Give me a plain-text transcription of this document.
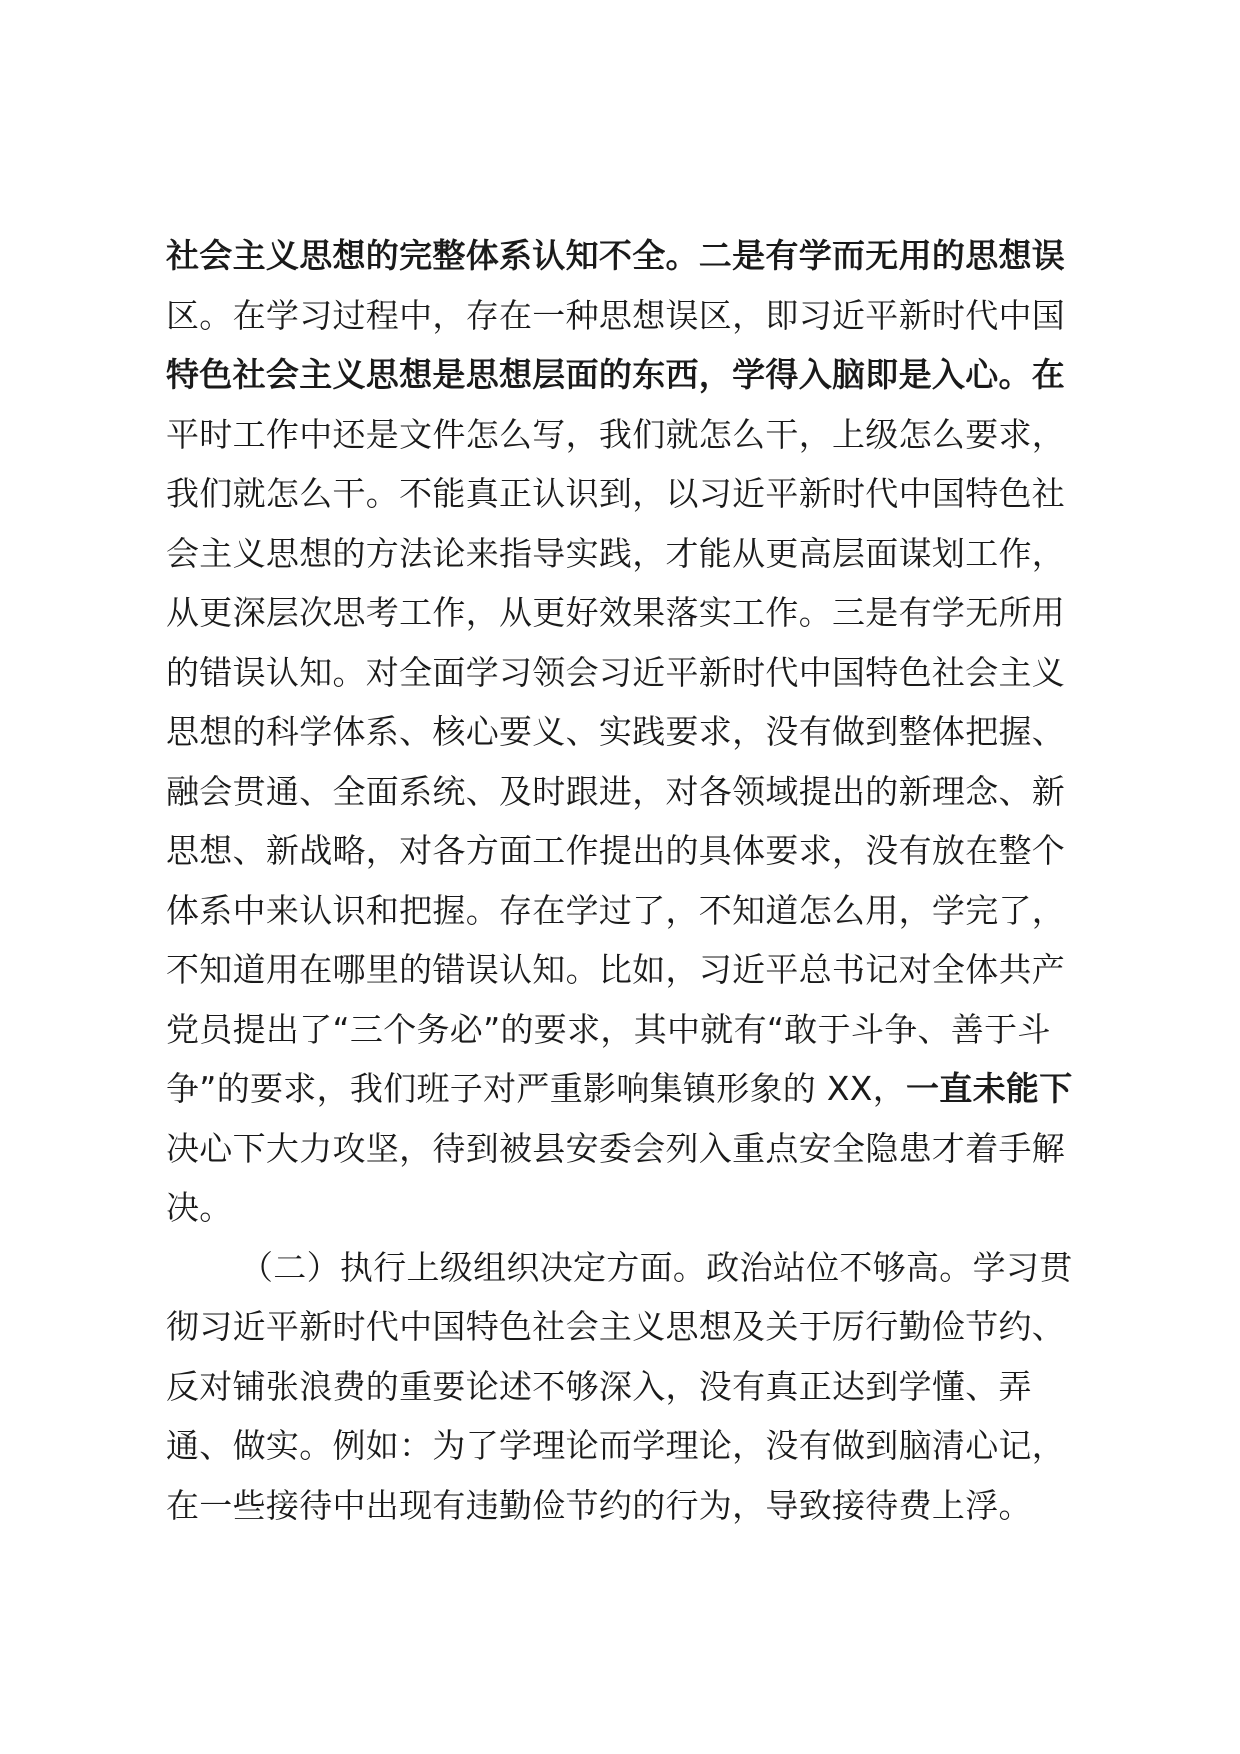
社会主义思想的完整体系认知不全。二是有学而无用的思想误
区。在学习过程中，存在一种思想误区，即习近平新时代中国
特色社会主义思想是思想层面的东西，学得入脑即是入心。在
平时工作中还是文件怎么写，我们就怎么干，上级怎么要求，
我们就怎么干。不能真正认识到，以习近平新时代中国特色社
会主义思想的方法论来指导实践，才能从更高层面谋划工作，
从更深层次思考工作，从更好效果落实工作。三是有学无所用
的错误认知。对全面学习领会习近平新时代中国特色社会主义
思想的科学体系、核心要义、实践要求，没有做到整体把握、
融会贯通、全面系统、及时跟进，对各领域提出的新理念、新
思想、新战略，对各方面工作提出的具体要求，没有放在整个
体系中来认识和把握。存在学过了，不知道怎么用，学完了，
不知道用在哪里的错误认知。比如，习近平总书记对全体共产
党员提出了“三个务必”的要求，其中就有“敢于斗争、善于斗
争”的要求，我们班子对严重影响集镇形象的 XX，一直未能下
决心下大力攻坚，待到被县安委会列入重点安全隐患才着手解
决。
（二）执行上级组织决定方面。政治站位不够高。学习贯
彻习近平新时代中国特色社会主义思想及关于厉行勤俭节约、
反对铺张浪费的重要论述不够深入，没有真正达到学懂、弄
通、做实。例如：为了学理论而学理论，没有做到脑清心记，
在一些接待中出现有违勤俭节约的行为，导致接待费上浮。
